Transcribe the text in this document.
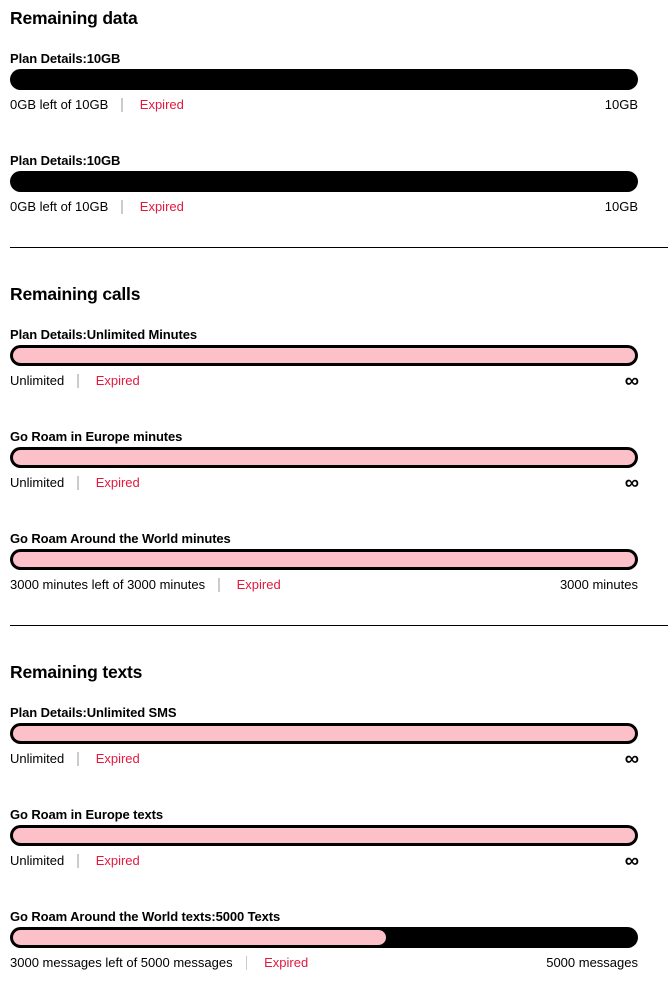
Remaining data
Plan Details:10GB
0GB left of 10GB Expired	10GB
Plan Details:10GB
0GB left of 10GB Expired	10GB
Remaining calls
Plan Details:Unlimited Minutes
Unlimited Expired	∞
Go Roam in Europe minutes
Unlimited Expired	∞
Go Roam Around the World minutes
3000 minutes left of 3000 minutes Expired	3000 minutes
Remaining texts
Plan Details:Unlimited SMS
Unlimited Expired	∞
Go Roam in Europe texts
Unlimited Expired	∞
Go Roam Around the World texts:5000 Texts
3000 messages left of 5000 messages Expired	5000 messages
